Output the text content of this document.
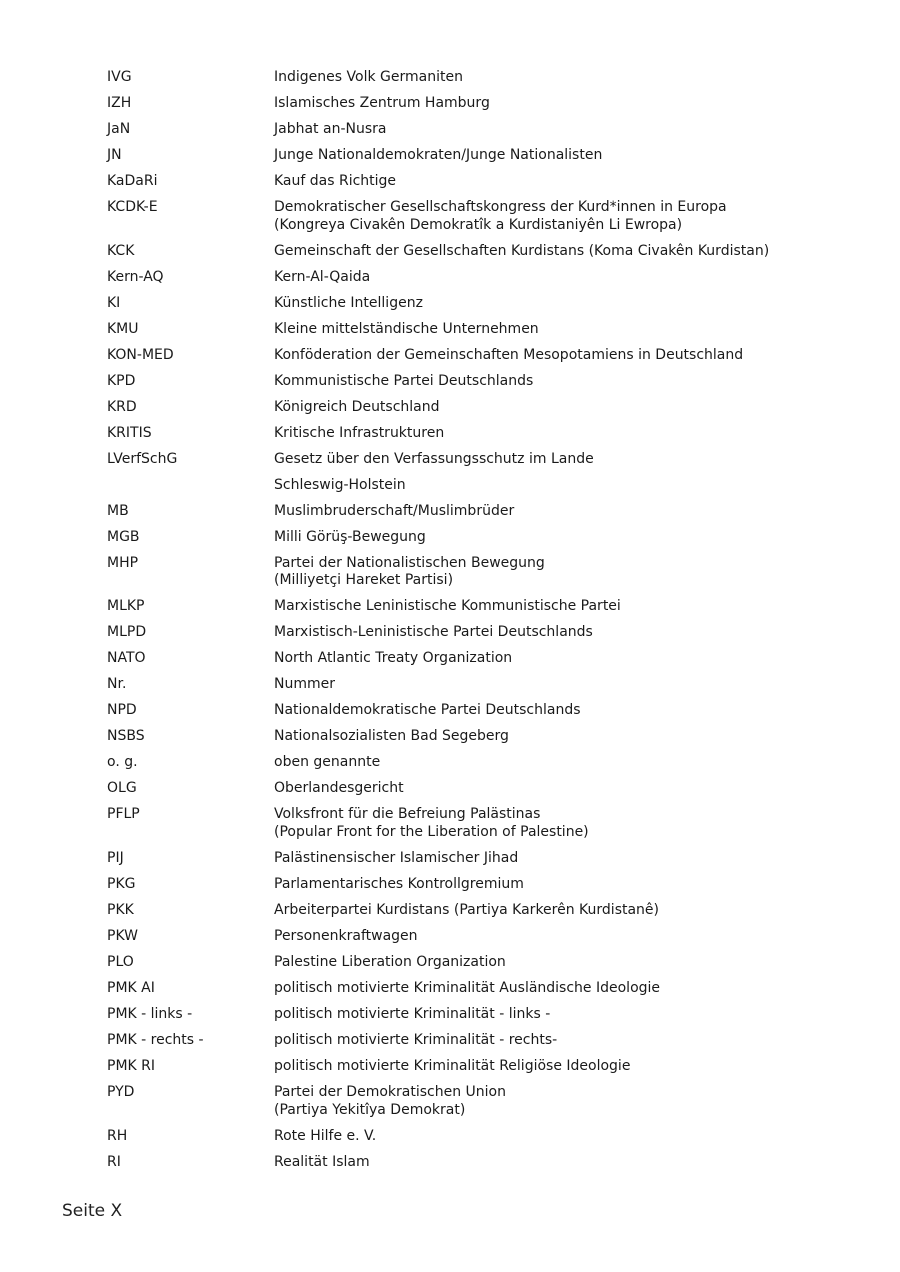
IVG	Indigenes Volk Germaniten
IZH	Islamisches Zentrum Hamburg
JaN	Jabhat an-Nusra
JN	Junge Nationaldemokraten/Junge Nationalisten
KaDaRi	Kauf das Richtige
KCDK-E	Demokratischer Gesellschaftskongress der Kurd*innen in Europa
(Kongreya Civakên Demokratîk a Kurdistaniyên Li Ewropa)
KCK	Gemeinschaft der Gesellschaften Kurdistans (Koma Civakên Kurdistan)
Kern-AQ	Kern-Al-Qaida
KI	Künstliche Intelligenz
KMU	Kleine mittelständische Unternehmen
KON-MED	Konföderation der Gemeinschaften Mesopotamiens in Deutschland
KPD	Kommunistische Partei Deutschlands
KRD	Königreich Deutschland
KRITIS	Kritische Infrastrukturen
LVerfSchG	Gesetz über den Verfassungsschutz im Lande
Schleswig-Holstein
MB	Muslimbruderschaft/Muslimbrüder
MGB	Milli Görüş-Bewegung
MHP	Partei der Nationalistischen Bewegung
(Milliyetçi Hareket Partisi)
MLKP	Marxistische Leninistische Kommunistische Partei
MLPD	Marxistisch-Leninistische Partei Deutschlands
NATO	North Atlantic Treaty Organization
Nr.	Nummer
NPD	Nationaldemokratische Partei Deutschlands
NSBS	Nationalsozialisten Bad Segeberg
o. g.	oben genannte
OLG	Oberlandesgericht
PFLP	Volksfront für die Befreiung Palästinas
(Popular Front for the Liberation of Palestine)
PIJ	Palästinensischer Islamischer Jihad
PKG	Parlamentarisches Kontrollgremium
PKK	Arbeiterpartei Kurdistans (Partiya Karkerên Kurdistanê)
PKW	Personenkraftwagen
PLO	Palestine Liberation Organization
PMK AI	politisch motivierte Kriminalität Ausländische Ideologie
PMK - links -	politisch motivierte Kriminalität - links -
PMK - rechts -	politisch motivierte Kriminalität - rechts-
PMK RI	politisch motivierte Kriminalität Religiöse Ideologie
PYD	Partei der Demokratischen Union
(Partiya Yekitîya Demokrat)
RH	Rote Hilfe e. V.
RI	Realität Islam
Seite X
